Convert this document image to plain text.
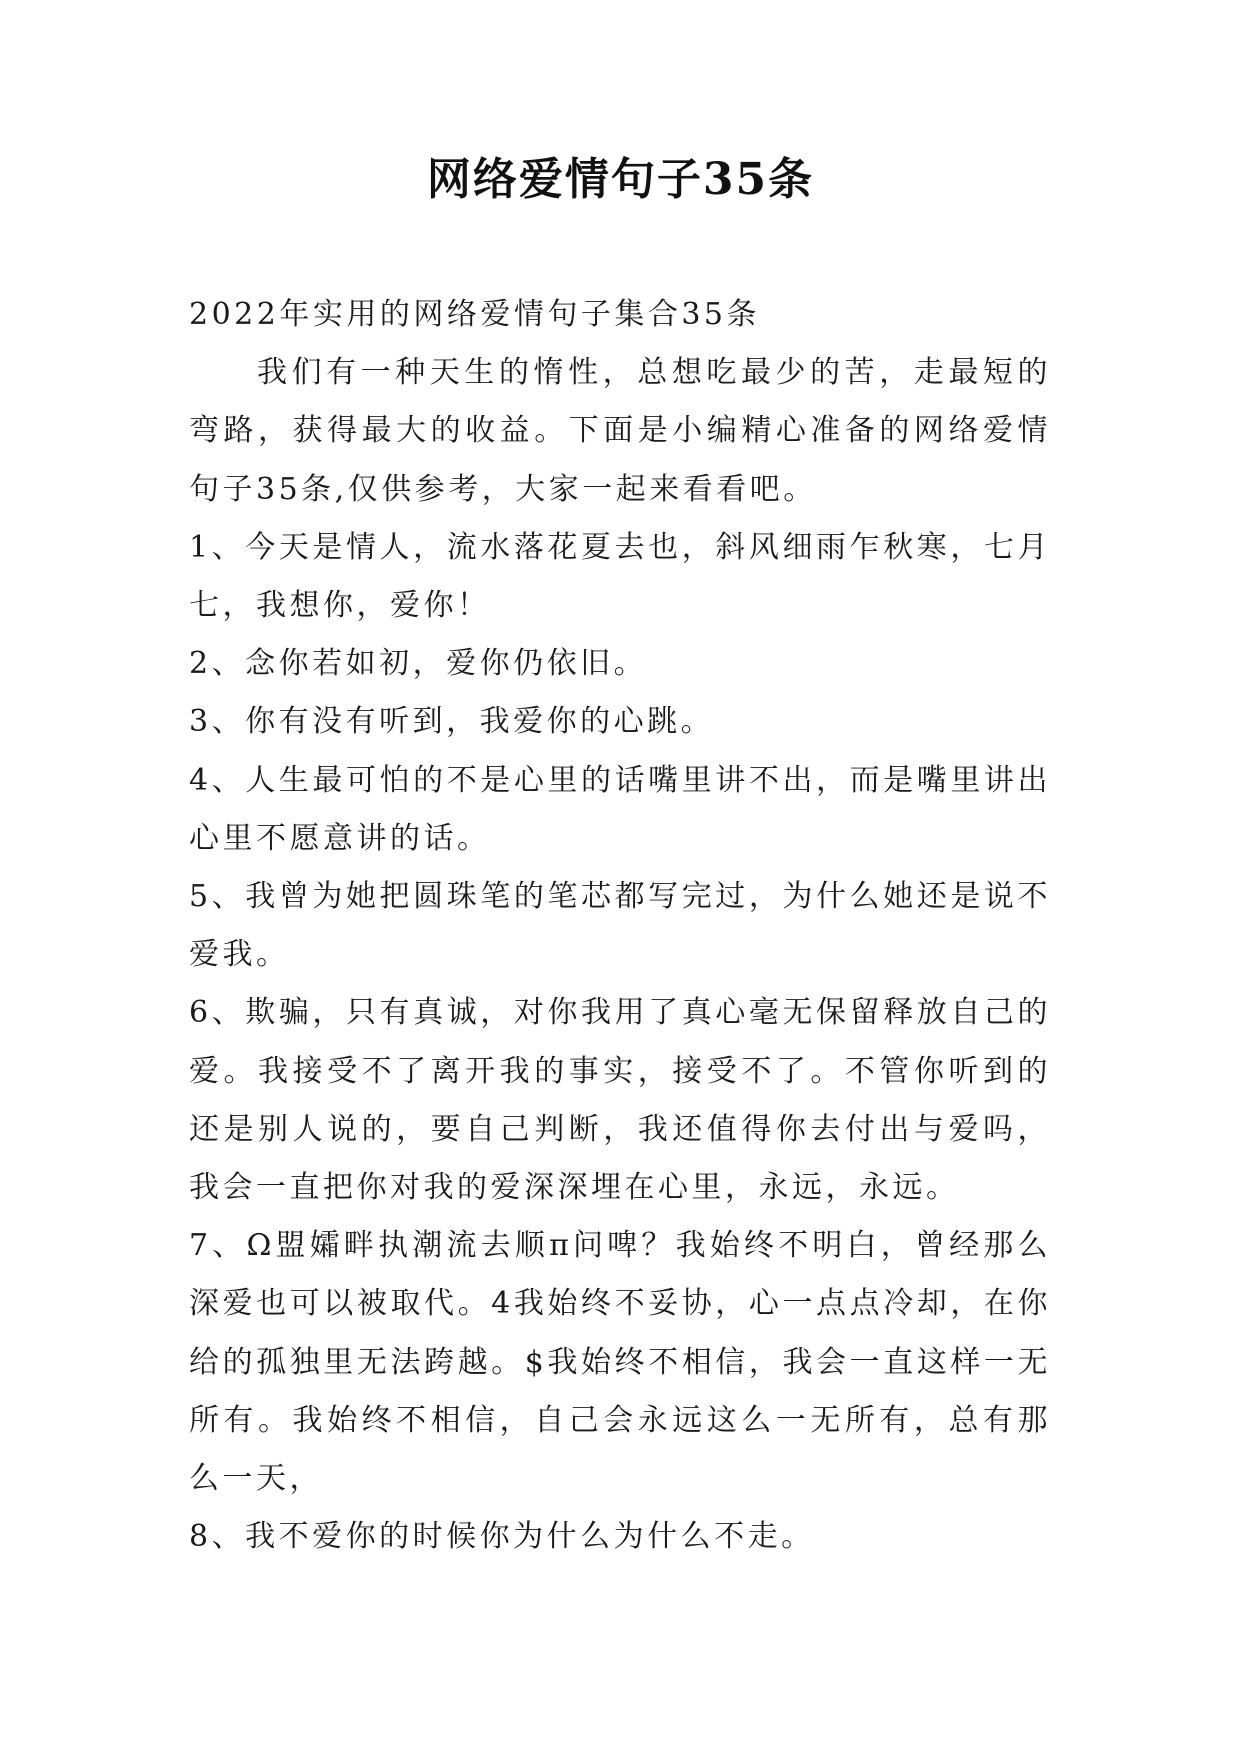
网络爱情句子35条

2022年实用的网络爱情句子集合35条

我们有一种天生的惰性，总想吃最少的苦，走最短的弯路，获得最大的收益。下面是小编精心准备的网络爱情句子35条,仅供参考，大家一起来看看吧。

1、今天是情人，流水落花夏去也，斜风细雨乍秋寒，七月七，我想你，爱你！

2、念你若如初，爱你仍依旧。

3、你有没有听到，我爱你的心跳。

4、人生最可怕的不是心里的话嘴里讲不出，而是嘴里讲出心里不愿意讲的话。

5、我曾为她把圆珠笔的笔芯都写完过，为什么她还是说不爱我。

6、欺骗，只有真诚，对你我用了真心毫无保留释放自己的爱。我接受不了离开我的事实，接受不了。不管你听到的还是别人说的，要自己判断，我还值得你去付出与爱吗，我会一直把你对我的爱深深埋在心里，永远，永远。

7、Ω盟孀畔执潮流去顺π问啤？我始终不明白，曾经那么深爱也可以被取代。4我始终不妥协，心一点点冷却，在你给的孤独里无法跨越。$我始终不相信，我会一直这样一无所有。我始终不相信，自己会永远这么一无所有，总有那么一天，

8、我不爱你的时候你为什么为什么不走。
